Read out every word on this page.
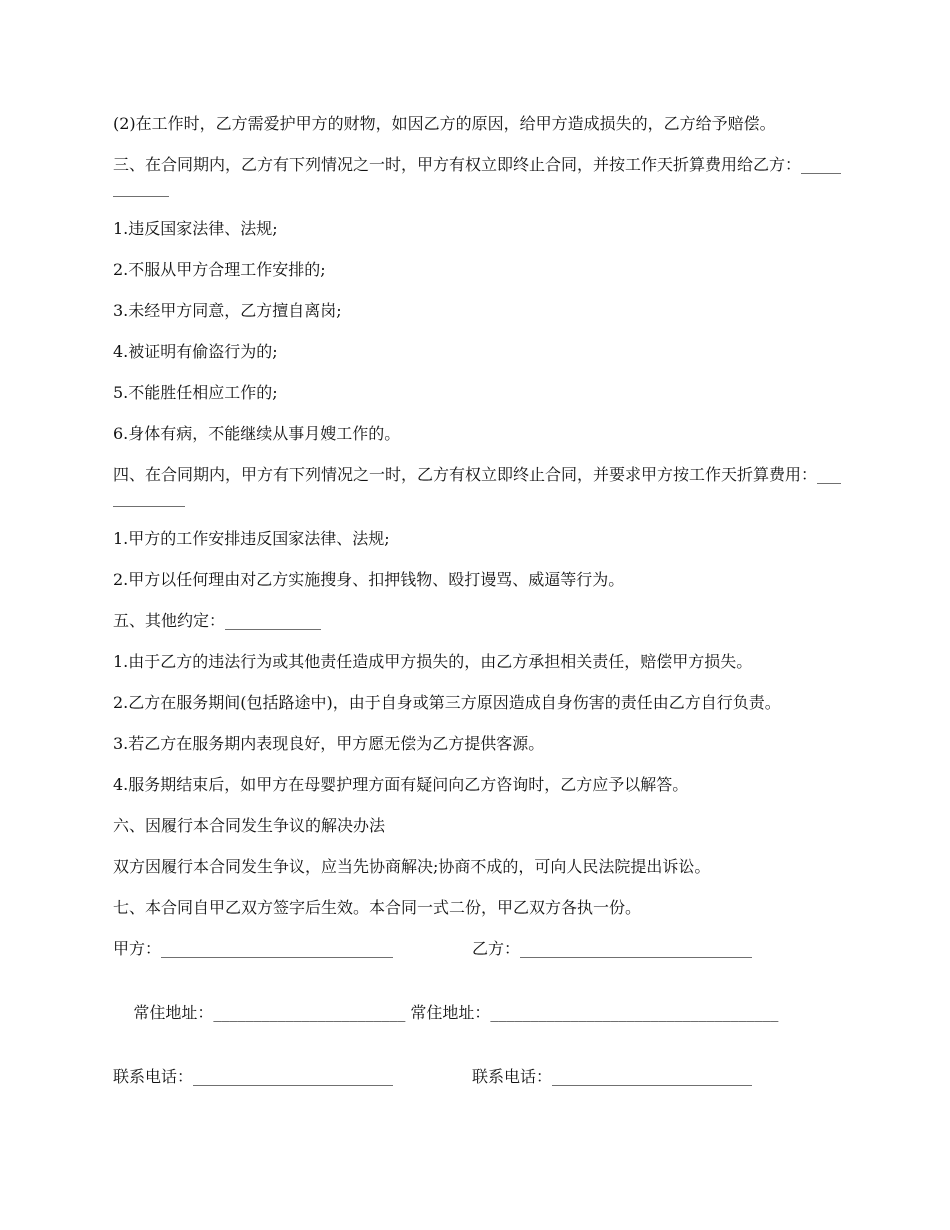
(2)在工作时，乙方需爱护甲方的财物，如因乙方的原因，给甲方造成损失的，乙方给予赔偿。

三、在合同期内，乙方有下列情况之一时，甲方有权立即终止合同，并按工作天折算费用给乙方：____________

1.违反国家法律、法规;

2.不服从甲方合理工作安排的;

3.未经甲方同意，乙方擅自离岗;

4.被证明有偷盗行为的;

5.不能胜任相应工作的;

6.身体有病，不能继续从事月嫂工作的。

四、在合同期内，甲方有下列情况之一时，乙方有权立即终止合同，并要求甲方按工作天折算费用：____________

1.甲方的工作安排违反国家法律、法规;

2.甲方以任何理由对乙方实施搜身、扣押钱物、殴打谩骂、威逼等行为。

五、其他约定：____________

1.由于乙方的违法行为或其他责任造成甲方损失的，由乙方承担相关责任，赔偿甲方损失。

2.乙方在服务期间(包括路途中)，由于自身或第三方原因造成自身伤害的责任由乙方自行负责。

3.若乙方在服务期内表现良好，甲方愿无偿为乙方提供客源。

4.服务期结束后，如甲方在母婴护理方面有疑问向乙方咨询时，乙方应予以解答。

六、因履行本合同发生争议的解决办法

双方因履行本合同发生争议，应当先协商解决;协商不成的，可向人民法院提出诉讼。

七、本合同自甲乙双方签字后生效。本合同一式二份，甲乙双方各执一份。

甲方：_____________________________

	乙方：_____________________________

常住地址：________________________ 常住地址：____________________________________

联系电话：_________________________

	联系电话：_________________________
